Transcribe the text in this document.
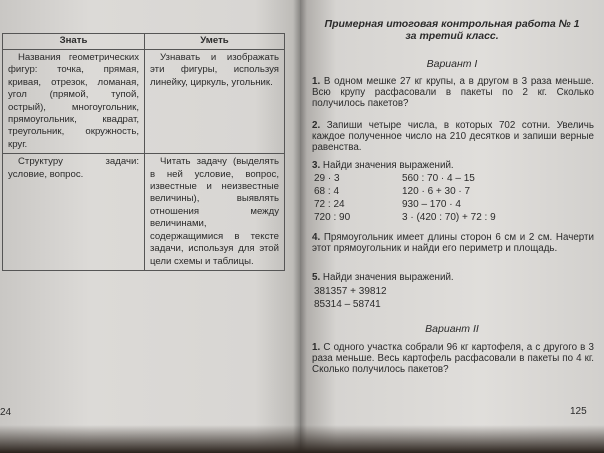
Знать	Уметь

Названия геометрических фигур: точка, прямая, кривая, отрезок, ломаная, угол (прямой, тупой, острый), многоугольник, прямоугольник, квадрат, треугольник, окружность, круг.	Узнавать и изображать эти фигуры, используя линейку, циркуль, угольник.

Структуру задачи: условие, вопрос.	Читать задачу (выделять в ней условие, вопрос, известные и неизвестные величины), выявлять отношения между величинами, содержащимися в тексте задачи, используя для этой цели схемы и таблицы.
24
Примерная итоговая контрольная работа № 1
за третий класс.
Вариант I
1. В одном мешке 27 кг крупы, а в другом в 3 раза меньше. Всю крупу расфасовали в пакеты по 2 кг. Сколько получилось пакетов?
2. Запиши четыре числа, в которых 702 сотни. Увеличь каждое полученное число на 210 десятков и запиши верные равенства.
3. Найди значения выражений.
29 · 3	560 : 70 · 4 – 15
68 : 4	120 · 6 + 30 · 7
72 : 24	930 – 170 · 4
720 : 90	3 · (420 : 70) + 72 : 9
4. Прямоугольник имеет длины сторон 6 см и 2 см. Начерти этот прямоугольник и найди его периметр и площадь.
5. Найди значения выражений.
381357 + 39812
85314 – 58741
Вариант II
1. С одного участка собрали 96 кг картофеля, а с другого в 3 раза меньше. Весь картофель расфасовали в пакеты по 4 кг. Сколько получилось пакетов?
125
